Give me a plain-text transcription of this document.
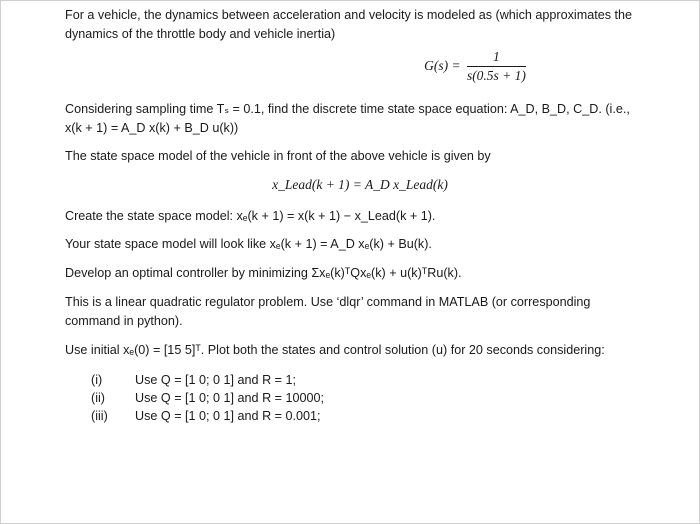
For a vehicle, the dynamics between acceleration and velocity is modeled as (which approximates the
dynamics of the throttle body and vehicle inertia)
$G(s) = \frac{1}{s(0.5s + 1)}$
Considering sampling time Tₛ = 0.1, find the discrete time state space equation: A_D, B_D, C_D. (i.e.,
x(k + 1) = A_D x(k) + B_D u(k))
The state space model of the vehicle in front of the above vehicle is given by
x_Lead(k + 1) = A_D x_Lead(k)
Create the state space model: xₑ(k + 1) = x(k + 1) − x_Lead(k + 1).
Your state space model will look like xₑ(k + 1) = A_D xₑ(k) + Bu(k).
Develop an optimal controller by minimizing Σxₑ(k)ᵀQxₑ(k) + u(k)ᵀRu(k).
This is a linear quadratic regulator problem. Use ‘dlqr’ command in MATLAB (or corresponding
command in python).
Use initial xₑ(0) = [15 5]ᵀ. Plot both the states and control solution (u) for 20 seconds considering:
(i)	Use Q = [1 0; 0 1] and R = 1;
(ii) Use Q = [1 0; 0 1] and R = 10000;
(iii) Use Q = [1 0; 0 1] and R = 0.001;
